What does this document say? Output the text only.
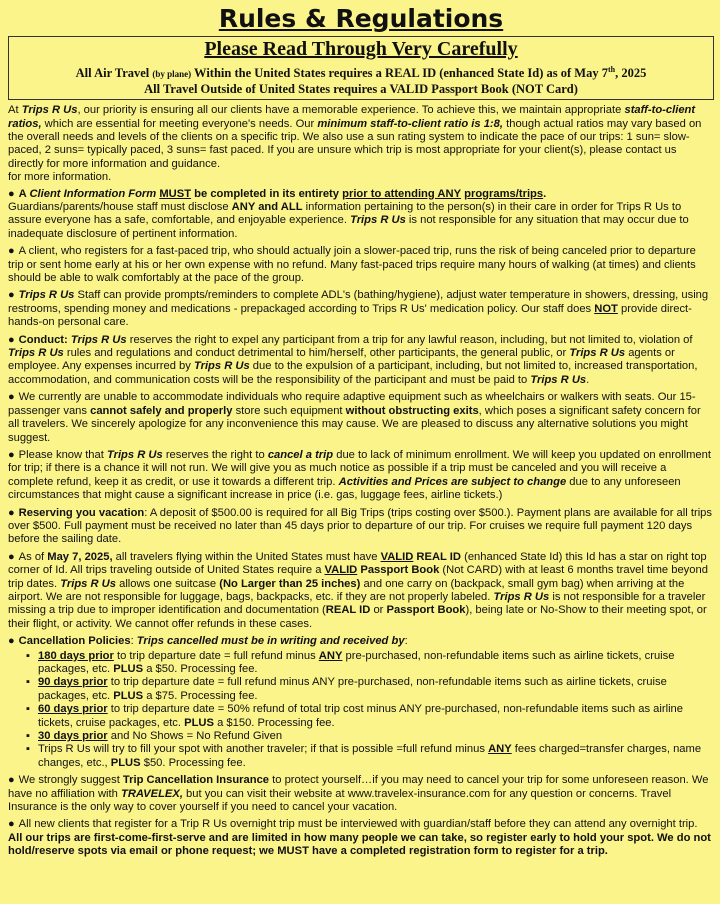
Rules & Regulations
Please Read Through Very Carefully
All Air Travel (by plane) Within the United States requires a REAL ID (enhanced State Id) as of May 7th, 2025
All Travel Outside of United States requires a VALID Passport Book (NOT Card)

At Trips R Us, our priority is ensuring all our clients have a memorable experience. To achieve this, we maintain appropriate staff-to-client ratios, which are essential for meeting everyone's needs. Our minimum staff-to-client ratio is 1:8, though actual ratios may vary based on the overall needs and levels of the clients on a specific trip. We also use a sun rating system to indicate the pace of our trips: 1 sun= slow-paced, 2 suns= typically paced, 3 suns= fast paced. If you are unsure which trip is most appropriate for your client(s), please contact us directly for more information and guidance.
for more information.

● A Client Information Form MUST be completed in its entirety prior to attending ANY programs/trips.
Guardians/parents/house staff must disclose ANY and ALL information pertaining to the person(s) in their care in order for Trips R Us to assure everyone has a safe, comfortable, and enjoyable experience. Trips R Us is not responsible for any situation that may occur due to inadequate disclosure of pertinent information.

● A client, who registers for a fast-paced trip, who should actually join a slower-paced trip, runs the risk of being canceled prior to departure trip or sent home early at his or her own expense with no refund. Many fast-paced trips require many hours of walking (at times) and clients should be able to walk comfortably at the pace of the group.

● Trips R Us Staff can provide prompts/reminders to complete ADL's (bathing/hygiene), adjust water temperature in showers, dressing, using restrooms, spending money and medications - prepackaged according to Trips R Us' medication policy. Our staff does NOT provide direct-hands-on personal care.

● Conduct: Trips R Us reserves the right to expel any participant from a trip for any lawful reason, including, but not limited to, violation of Trips R Us rules and regulations and conduct detrimental to him/herself, other participants, the general public, or Trips R Us agents or employee. Any expenses incurred by Trips R Us due to the expulsion of a participant, including, but not limited to, increased transportation, accommodation, and communication costs will be the responsibility of the participant and must be paid to Trips R Us.

● We currently are unable to accommodate individuals who require adaptive equipment such as wheelchairs or walkers with seats. Our 15-passenger vans cannot safely and properly store such equipment without obstructing exits, which poses a significant safety concern for all travelers. We sincerely apologize for any inconvenience this may cause. We are pleased to discuss any alternative solutions you might suggest.

● Please know that Trips R Us reserves the right to cancel a trip due to lack of minimum enrollment. We will keep you updated on enrollment for trip; if there is a chance it will not run. We will give you as much notice as possible if a trip must be canceled and you will receive a complete refund, keep it as credit, or use it towards a different trip. Activities and Prices are subject to change due to any unforeseen circumstances that might cause a significant increase in price (i.e. gas, luggage fees, airline tickets.)

● Reserving you vacation: A deposit of $500.00 is required for all Big Trips (trips costing over $500.). Payment plans are available for all trips over $500. Full payment must be received no later than 45 days prior to departure of our trip. For cruises we require full payment 120 days before the sailing date.

● As of May 7, 2025, all travelers flying within the United States must have VALID REAL ID (enhanced State Id) this Id has a star on right top corner of Id. All trips traveling outside of United States require a VALID Passport Book (Not CARD) with at least 6 months travel time beyond trip dates. Trips R Us allows one suitcase (No Larger than 25 inches) and one carry on (backpack, small gym bag) when arriving at the airport. We are not responsible for luggage, bags, backpacks, etc. if they are not properly labeled. Trips R Us is not responsible for a traveler missing a trip due to improper identification and documentation (REAL ID or Passport Book), being late or No-Show to their meeting spot, or their flight, or activity. We cannot offer refunds in these cases.

● Cancellation Policies: Trips cancelled must be in writing and received by:

▪ 180 days prior to trip departure date = full refund minus ANY pre-purchased, non-refundable items such as airline tickets, cruise packages, etc. PLUS a $50. Processing fee.
▪ 90 days prior to trip departure date = full refund minus ANY pre-purchased, non-refundable items such as airline tickets, cruise packages, etc. PLUS a $75. Processing fee.
▪ 60 days prior to trip departure date = 50% refund of total trip cost minus ANY pre-purchased, non-refundable items such as airline tickets, cruise packages, etc. PLUS a $150. Processing fee.
▪ 30 days prior and No Shows = No Refund Given
▪ Trips R Us will try to fill your spot with another traveler; if that is possible =full refund minus ANY fees charged=transfer charges, name changes, etc., PLUS $50. Processing fee.

● We strongly suggest Trip Cancellation Insurance to protect yourself…if you may need to cancel your trip for some unforeseen reason. We have no affiliation with TRAVELEX, but you can visit their website at www.travelex-insurance.com for any question or concerns. Travel Insurance is the only way to cover yourself if you need to cancel your vacation.

● All new clients that register for a Trip R Us overnight trip must be interviewed with guardian/staff before they can attend any overnight trip.
All our trips are first-come-first-serve and are limited in how many people we can take, so register early to hold your spot. We do not hold/reserve spots via email or phone request; we MUST have a completed registration form to register for a trip.
